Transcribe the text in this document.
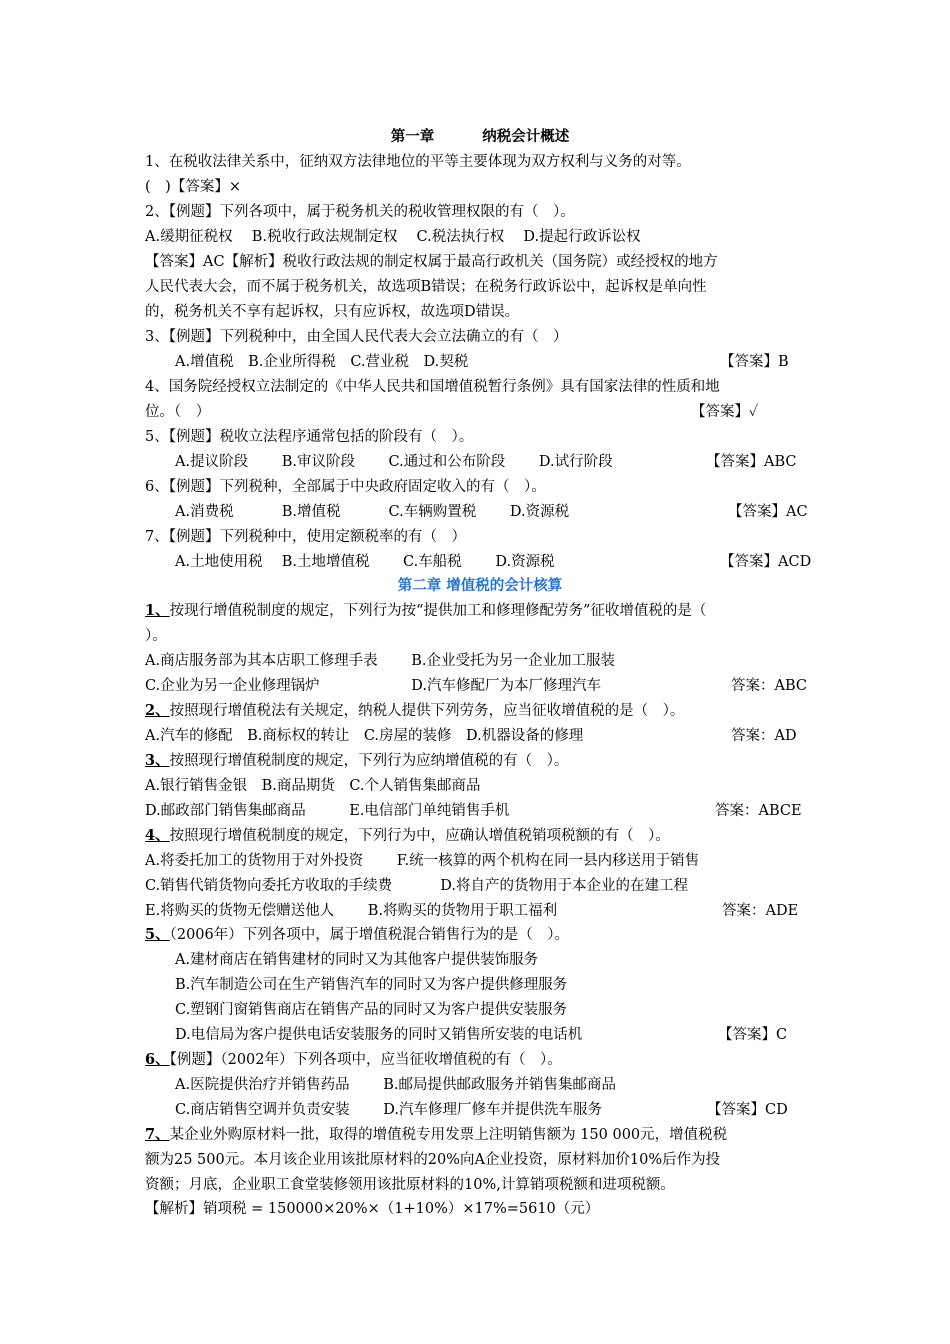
第一章	纳税会计概述
1、在税收法律关系中，征纳双方法律地位的平等主要体现为双方权利与义务的对等。
(　)【答案】×
2、【例题】下列各项中，属于税务机关的税收管理权限的有（　）。
A.缓期征税权　 B.税收行政法规制定权　 C.税法执行权　 D.提起行政诉讼权
【答案】AC【解析】税收行政法规的制定权属于最高行政机关（国务院）或经授权的地方
人民代表大会，而不属于税务机关，故选项B错误；在税务行政诉讼中，起诉权是单向性
的，税务机关不享有起诉权，只有应诉权，故选项D错误。
3、【例题】下列税种中，由全国人民代表大会立法确立的有（　）
A.增值税　B.企业所得税　C.营业税　D.契税	【答案】B
4、国务院经授权立法制定的《中华人民共和国增值税暂行条例》具有国家法律的性质和地
位。（　）	【答案】✓
5、【例题】税收立法程序通常包括的阶段有（　）。
A.提议阶段　　 B.审议阶段　　 C.通过和公布阶段　　 D.试行阶段	【答案】ABC
6、【例题】下列税种，全部属于中央政府固定收入的有（　）。
A.消费税　　　 B.增值税　　　 C.车辆购置税　　 D.资源税	【答案】AC
7、【例题】下列税种中，使用定额税率的有（　）
A.土地使用税　 B.土地增值税　　 C.车船税　　 D.资源税	【答案】ACD
第二章 增值税的会计核算
1、按现行增值税制度的规定，下列行为按“提供加工和修理修配劳务”征收增值税的是（
）。
A.商店服务部为其本店职工修理手表　　 B.企业受托为另一企业加工服装
C.企业为另一企业修理锅炉　　　　　　 D.汽车修配厂为本厂修理汽车	答案：ABC
2、按照现行增值税法有关规定，纳税人提供下列劳务，应当征收增值税的是（　）。
A.汽车的修配　B.商标权的转让　C.房屋的装修　D.机器设备的修理	答案：AD
3、按照现行增值税制度的规定，下列行为应纳增值税的有（　）。
A.银行销售金银　B.商品期货　C.个人销售集邮商品
D.邮政部门销售集邮商品　　　E.电信部门单纯销售手机	答案：ABCE
4、按照现行增值税制度的规定，下列行为中，应确认增值税销项税额的有（　）。
A.将委托加工的货物用于对外投资　　 F.统一核算的两个机构在同一县内移送用于销售
C.销售代销货物向委托方收取的手续费　　　 D.将自产的货物用于本企业的在建工程
E.将购买的货物无偿赠送他人　　 B.将购买的货物用于职工福利	答案：ADE
5、（2006年）下列各项中，属于增值税混合销售行为的是（　）。
A.建材商店在销售建材的同时又为其他客户提供装饰服务
B.汽车制造公司在生产销售汽车的同时又为客户提供修理服务
C.塑钢门窗销售商店在销售产品的同时又为客户提供安装服务
D.电信局为客户提供电话安装服务的同时又销售所安装的电话机	【答案】C
6、【例题】（2002年）下列各项中，应当征收增值税的有（　）。
A.医院提供治疗并销售药品　　 B.邮局提供邮政服务并销售集邮商品
C.商店销售空调并负责安装　　 D.汽车修理厂修车并提供洗车服务	【答案】CD
7、某企业外购原材料一批，取得的增值税专用发票上注明销售额为 150 000元，增值税税
额为25 500元。本月该企业用该批原材料的20%向A企业投资，原材料加价10%后作为投
资额；月底，企业职工食堂装修领用该批原材料的10%,计算销项税额和进项税额。
【解析】销项税 = 150000×20%×（1+10%）×17%=5610（元）
